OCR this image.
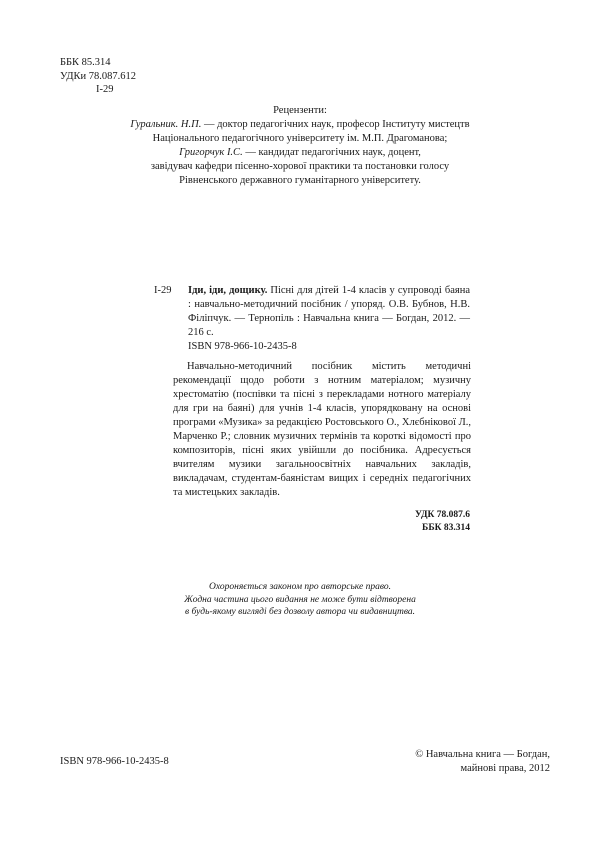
ББК 85.314
УДКи 78.087.612
І-29
Рецензенти:
Гуральник. Н.П. — доктор педагогічних наук, професор Інституту мистецтв
Національного педагогічного університету ім. М.П. Драгоманова;
Григорчук І.С. — кандидат педагогічних наук, доцент,
завідувач кафедри пісенно-хорової практики та постановки голосу
Рівненського державного гуманітарного університету.
І-29 Іди, іди, дощику. Пісні для дітей 1-4 класів у супроводі баяна : навчально-методичний посібник / упоряд. О.В. Бубнов, Н.В. Філіпчук. — Тернопіль : Навчальна книга — Богдан, 2012. — 216 с.
ISBN 978-966-10-2435-8
Навчально-методичний посібник містить методичні рекомендації щодо роботи з нотним матеріалом; музичну хрестоматію (поспівки та пісні з перекладами нотного матеріалу для гри на баяні) для учнів 1-4 класів, упорядковану на основі програми «Музика» за редакцією Ростовського О., Хлєбнікової Л., Марченко Р.; словник музичних термінів та короткі відомості про композиторів, пісні яких увійшли до посібника. Адресується вчителям музики загальноосвітніх навчальних закладів, викладачам, студентам-баяністам вищих і середніх педагогічних та мистецьких закладів.
УДК 78.087.6
ББК 83.314
Охороняється законом про авторське право.
Жодна частина цього видання не може бути відтворена
в будь-якому вигляді без дозволу автора чи видавництва.
ISBN 978-966-10-2435-8
© Навчальна книга — Богдан,
майнові права, 2012
